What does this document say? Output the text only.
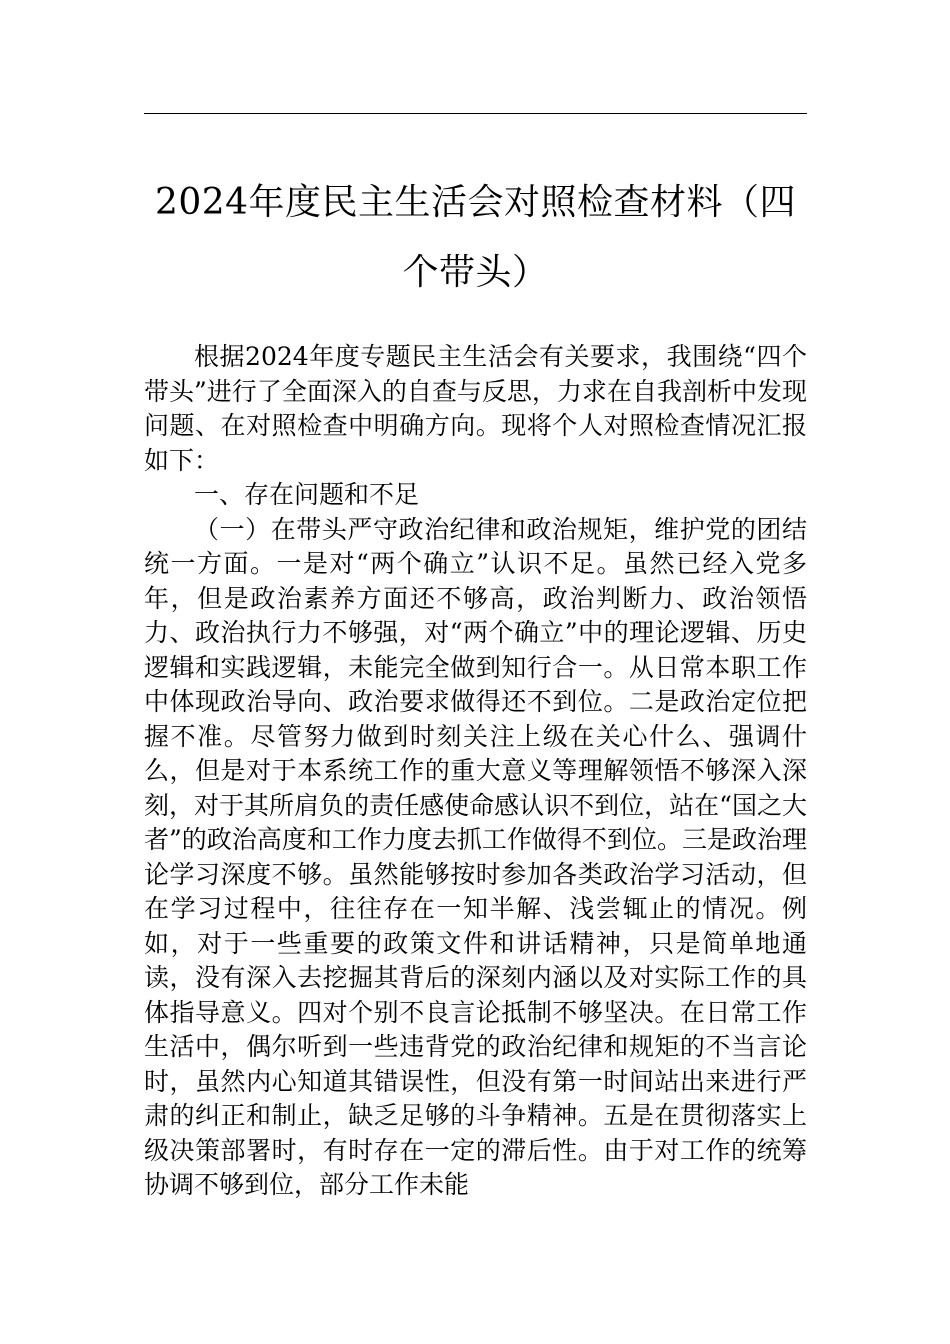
2024年度民主生活会对照检查材料（四个带头）

根据2024年度专题民主生活会有关要求，我围绕“四个带头”进行了全面深入的自查与反思，力求在自我剖析中发现问题、在对照检查中明确方向。现将个人对照检查情况汇报如下：

一、存在问题和不足

（一）在带头严守政治纪律和政治规矩，维护党的团结统一方面。一是对“两个确立”认识不足。虽然已经入党多年，但是政治素养方面还不够高，政治判断力、政治领悟力、政治执行力不够强，对“两个确立”中的理论逻辑、历史逻辑和实践逻辑，未能完全做到知行合一。从日常本职工作中体现政治导向、政治要求做得还不到位。二是政治定位把握不准。尽管努力做到时刻关注上级在关心什么、强调什么，但是对于本系统工作的重大意义等理解领悟不够深入深刻，对于其所肩负的责任感使命感认识不到位，站在“国之大者”的政治高度和工作力度去抓工作做得不到位。三是政治理论学习深度不够。虽然能够按时参加各类政治学习活动，但在学习过程中，往往存在一知半解、浅尝辄止的情况。例如，对于一些重要的政策文件和讲话精神，只是简单地通读，没有深入去挖掘其背后的深刻内涵以及对实际工作的具体指导意义。四对个别不良言论抵制不够坚决。在日常工作生活中，偶尔听到一些违背党的政治纪律和规矩的不当言论时，虽然内心知道其错误性，但没有第一时间站出来进行严肃的纠正和制止，缺乏足够的斗争精神。五是在贯彻落实上级决策部署时，有时存在一定的滞后性。由于对工作的统筹协调不够到位，部分工作未能
